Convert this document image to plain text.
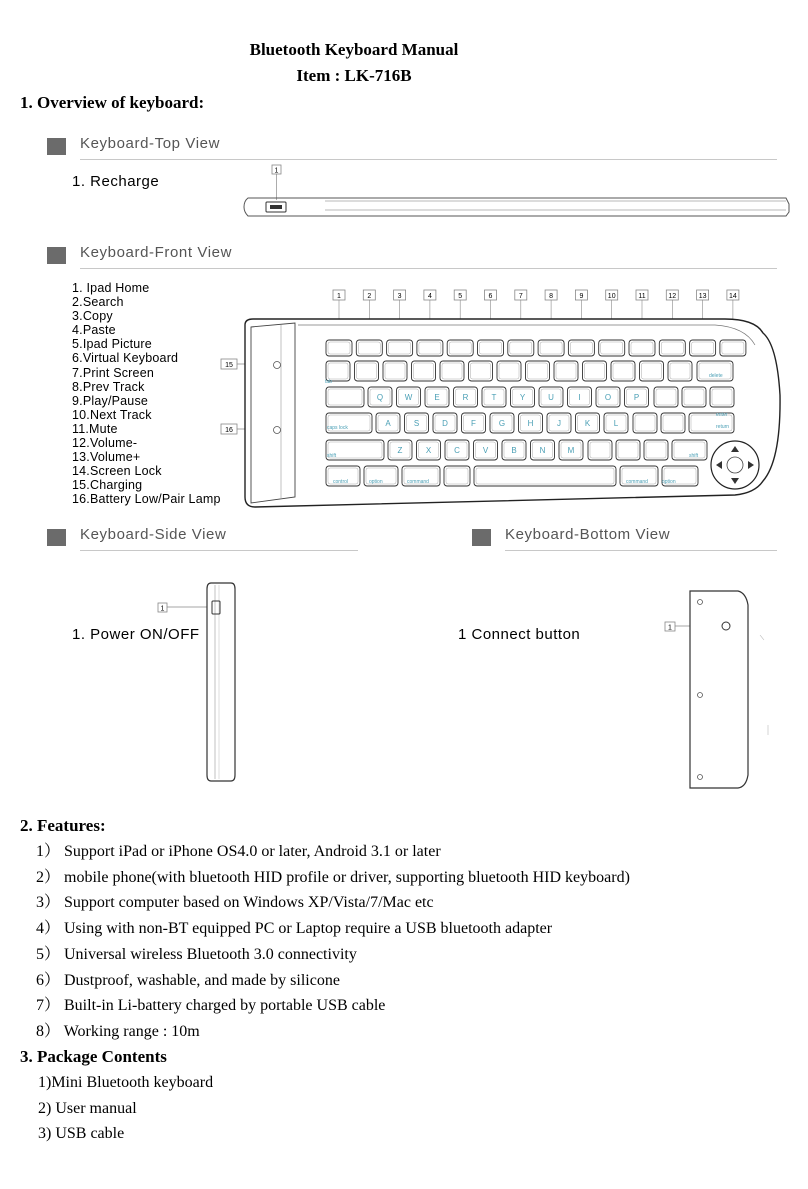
Bluetooth Keyboard Manual
Item : LK-716B
1. Overview of keyboard:
Keyboard-Top View
1. Recharge
1
Keyboard-Front View
1. Ipad Home
2.Search
3.Copy
4.Paste
5.Ipad Picture
6.Virtual Keyboard
7.Print Screen
8.Prev Track
9.Play/Pause
10.Next Track
11.Mute
12.Volume-
13.Volume+
14.Screen Lock
15.Charging
16.Battery Low/Pair Lamp
1	2	3	4	5	6	7	8	9	10	11	12	13	14
15
16
Q	W	E	R	T	Y	U	I	O	P
A	S	D	F	G	H	J	K	L
Z	X	C	V	B	N	M
tab
caps lock
shift
control	option	command	command	option
delete
return
enter
shift
Keyboard-Side View	Keyboard-Bottom View
1. Power ON/OFF	1 Connect button
1
1
2. Features:
1） Support iPad or iPhone OS4.0 or later, Android 3.1 or later
2） mobile phone(with bluetooth HID profile or driver, supporting bluetooth HID keyboard)
3） Support computer based on Windows XP/Vista/7/Mac etc
4） Using with non-BT equipped PC or Laptop require a USB bluetooth adapter
5） Universal wireless Bluetooth 3.0 connectivity
6） Dustproof, washable, and made by silicone
7） Built-in Li-battery charged by portable USB cable
8） Working range : 10m
3. Package Contents
1)Mini Bluetooth keyboard
2) User manual
3) USB cable
